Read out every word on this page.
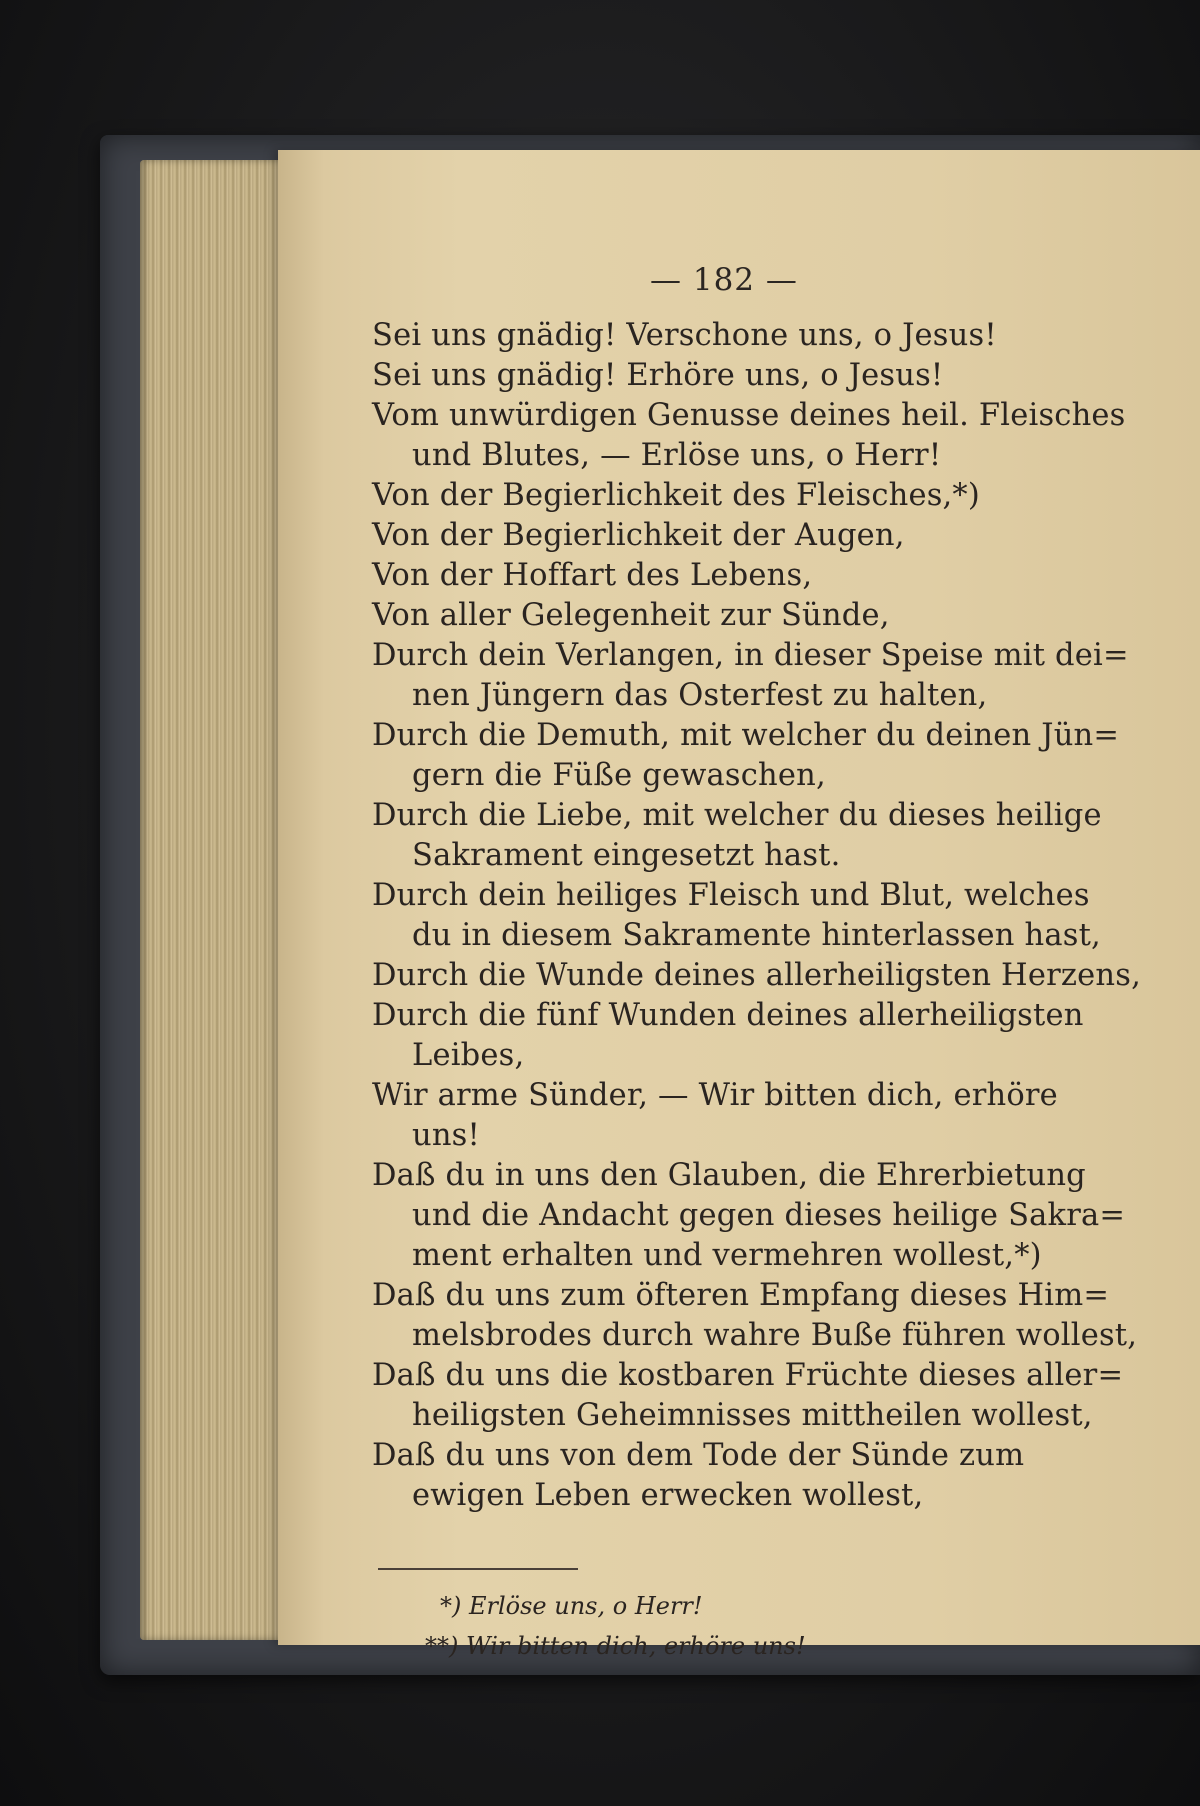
— 182 —
Sei uns gnädig! Verschone uns, o Jesus!
Sei uns gnädig! Erhöre uns, o Jesus!
Vom unwürdigen Genusse deines heil. Fleisches
und Blutes, — Erlöse uns, o Herr!
Von der Begierlichkeit des Fleisches,*)
Von der Begierlichkeit der Augen,
Von der Hoffart des Lebens,
Von aller Gelegenheit zur Sünde,
Durch dein Verlangen, in dieser Speise mit dei=
nen Jüngern das Osterfest zu halten,
Durch die Demuth, mit welcher du deinen Jün=
gern die Füße gewaschen,
Durch die Liebe, mit welcher du dieses heilige
Sakrament eingesetzt hast.
Durch dein heiliges Fleisch und Blut, welches
du in diesem Sakramente hinterlassen hast,
Durch die Wunde deines allerheiligsten Herzens,
Durch die fünf Wunden deines allerheiligsten
Leibes,
Wir arme Sünder, — Wir bitten dich, erhöre
uns!
Daß du in uns den Glauben, die Ehrerbietung
und die Andacht gegen dieses heilige Sakra=
ment erhalten und vermehren wollest,*)
Daß du uns zum öfteren Empfang dieses Him=
melsbrodes durch wahre Buße führen wollest,
Daß du uns die kostbaren Früchte dieses aller=
heiligsten Geheimnisses mittheilen wollest,
Daß du uns von dem Tode der Sünde zum
ewigen Leben erwecken wollest,
*) Erlöse uns, o Herr!
**) Wir bitten dich, erhöre uns!
